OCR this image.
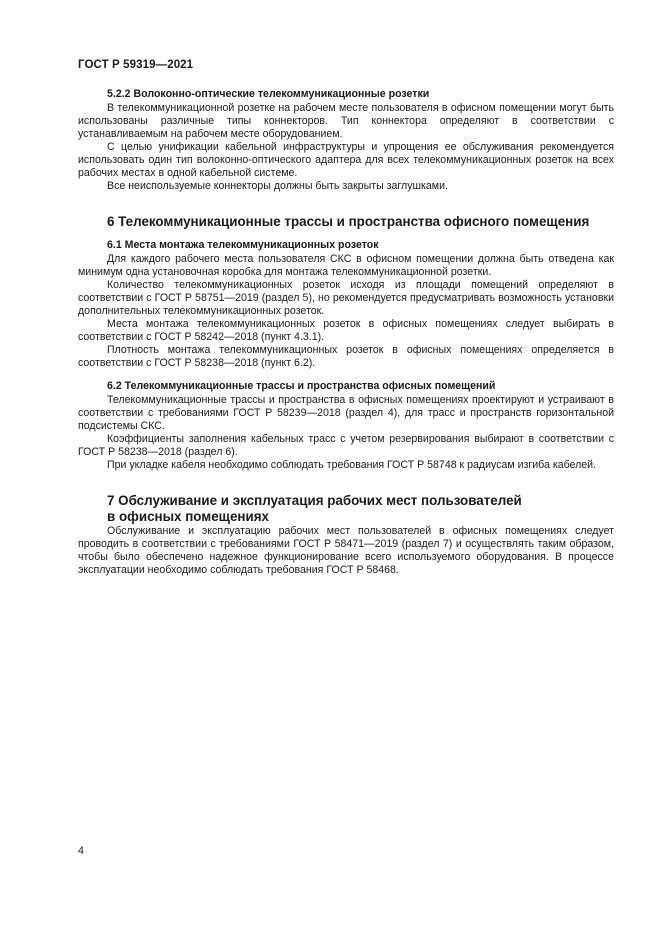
ГОСТ Р 59319—2021
5.2.2 Волоконно-оптические телекоммуникационные розетки

В телекоммуникационной розетке на рабочем месте пользователя в офисном помещении могут быть использованы различные типы коннекторов. Тип коннектора определяют в соответствии с устанавливаемым на рабочем месте оборудованием.

С целью унификации кабельной инфраструктуры и упрощения ее обслуживания рекомендуется использовать один тип волоконно-оптического адаптера для всех телекоммуникационных розеток на всех рабочих местах в одной кабельной системе.

Все неиспользуемые коннекторы должны быть закрыты заглушками.

6 Телекоммуникационные трассы и пространства офисного помещения
6.1 Места монтажа телекоммуникационных розеток

Для каждого рабочего места пользователя СКС в офисном помещении должна быть отведена как минимум одна установочная коробка для монтажа телекоммуникационной розетки.

Количество телекоммуникационных розеток исходя из площади помещений определяют в соответствии с ГОСТ Р 58751—2019 (раздел 5), но рекомендуется предусматривать возможность установки дополнительных телекоммуникационных розеток.

Места монтажа телекоммуникационных розеток в офисных помещениях следует выбирать в соответствии с ГОСТ Р 58242—2018 (пункт 4.3.1).

Плотность монтажа телекоммуникационных розеток в офисных помещениях определяется в соответствии с ГОСТ Р 58238—2018 (пункт 6.2).

6.2 Телекоммуникационные трассы и пространства офисных помещений

Телекоммуникационные трассы и пространства в офисных помещениях проектируют и устраивают в соответствии с требованиями ГОСТ Р 58239—2018 (раздел 4), для трасс и пространств горизонтальной подсистемы СКС.

Коэффициенты заполнения кабельных трасс с учетом резервирования выбирают в соответствии с ГОСТ Р 58238—2018 (раздел 6).

При укладке кабеля необходимо соблюдать требования ГОСТ Р 58748 к радиусам изгиба кабелей.

7 Обслуживание и эксплуатация рабочих мест пользователей
в офисных помещениях

Обслуживание и эксплуатацию рабочих мест пользователей в офисных помещениях следует проводить в соответствии с требованиями ГОСТ Р 58471—2019 (раздел 7) и осуществлять таким образом, чтобы было обеспечено надежное функционирование всего используемого оборудования. В процессе эксплуатации необходимо соблюдать требования ГОСТ Р 58468.

4
